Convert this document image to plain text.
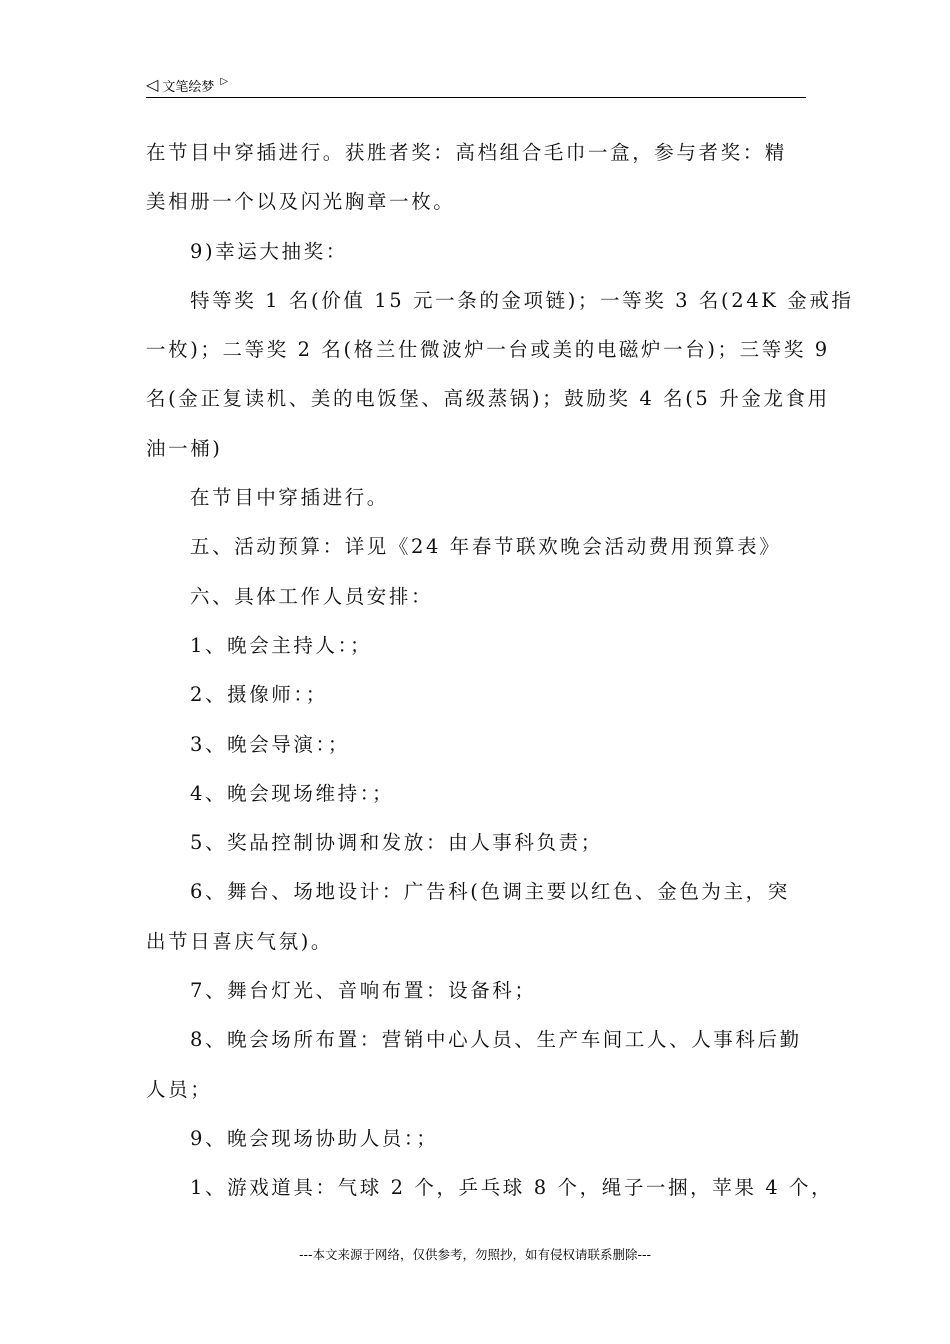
◁ 文笔绘梦 ▷

在节目中穿插进行。获胜者奖：高档组合毛巾一盒，参与者奖：精

美相册一个以及闪光胸章一枚。

9)幸运大抽奖：

特等奖 1 名(价值 15 元一条的金项链)；一等奖 3 名(24K 金戒指

一枚)；二等奖 2 名(格兰仕微波炉一台或美的电磁炉一台)；三等奖 9

名(金正复读机、美的电饭堡、高级蒸锅)；鼓励奖 4 名(5 升金龙食用

油一桶)

在节目中穿插进行。

五、活动预算：详见《24 年春节联欢晚会活动费用预算表》

六、具体工作人员安排：

1、晚会主持人：；

2、摄像师：；

3、晚会导演：；

4、晚会现场维持：；

5、奖品控制协调和发放：由人事科负责；

6、舞台、场地设计：广告科(色调主要以红色、金色为主，突

出节日喜庆气氛)。

7、舞台灯光、音响布置：设备科；

8、晚会场所布置：营销中心人员、生产车间工人、人事科后勤

人员；

9、晚会现场协助人员：；

1、游戏道具：气球 2 个，乒乓球 8 个，绳子一捆，苹果 4 个，

---本文来源于网络，仅供参考，勿照抄，如有侵权请联系删除---
